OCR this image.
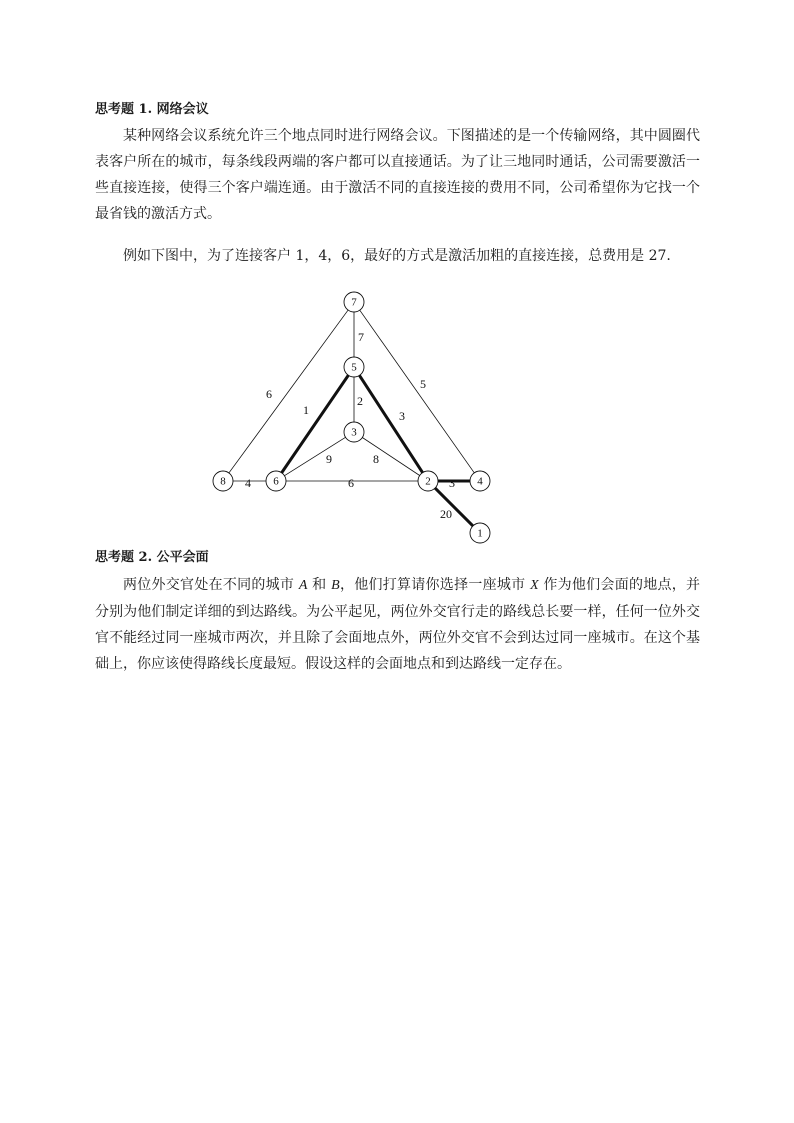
思考题 1. 网络会议
某种网络会议系统允许三个地点同时进行网络会议。下图描述的是一个传输网络，其中圆圈代表客户所在的城市，每条线段两端的客户都可以直接通话。为了让三地同时通话，公司需要激活一些直接连接，使得三个客户端连通。由于激活不同的直接连接的费用不同，公司希望你为它找一个最省钱的激活方式。
例如下图中，为了连接客户 1，4，6，最好的方式是激活加粗的直接连接，总费用是 27.
7
6
5
1	3
2
9	8
4	6	3
20
7
5
3
8	6	2	4
1
思考题 2. 公平会面
两位外交官处在不同的城市 A 和 B，他们打算请你选择一座城市 X 作为他们会面的地点，并分别为他们制定详细的到达路线。为公平起见，两位外交官行走的路线总长要一样，任何一位外交官不能经过同一座城市两次，并且除了会面地点外，两位外交官不会到达过同一座城市。在这个基础上，你应该使得路线长度最短。假设这样的会面地点和到达路线一定存在。
